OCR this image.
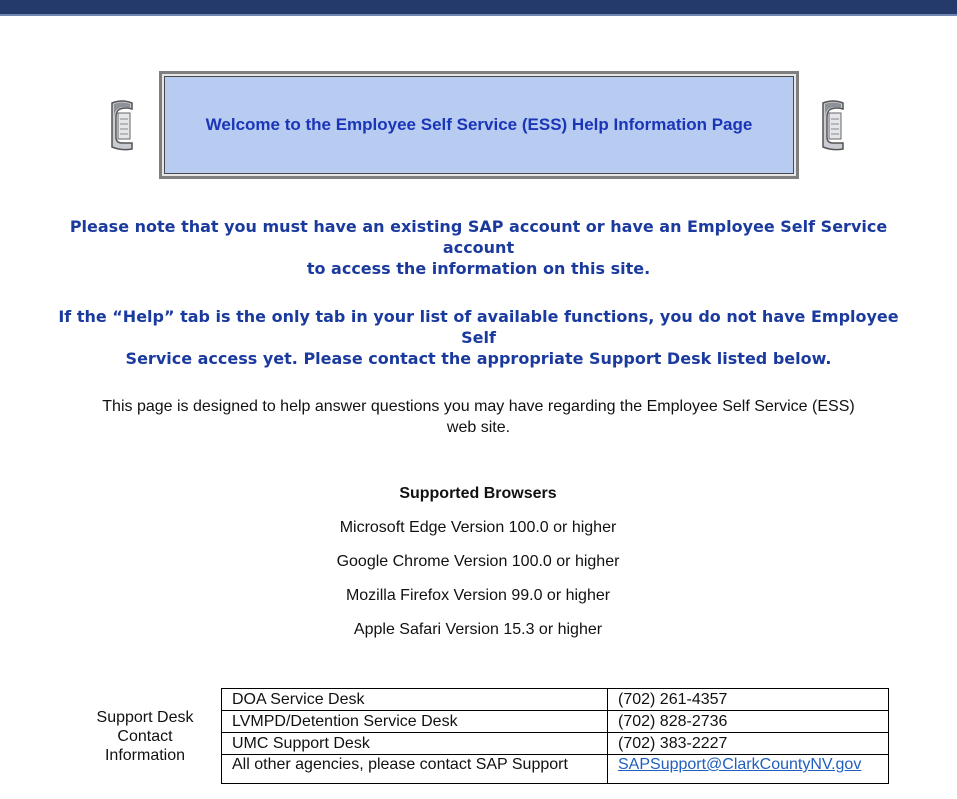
Welcome to the Employee Self Service (ESS) Help Information Page
Please note that you must have an existing SAP account or have an Employee Self Service account
to access the information on this site.
If the “Help” tab is the only tab in your list of available functions, you do not have Employee Self
Service access yet. Please contact the appropriate Support Desk listed below.
This page is designed to help answer questions you may have regarding the Employee Self Service (ESS)
web site.
Supported Browsers
Microsoft Edge Version 100.0 or higher
Google Chrome Version 100.0 or higher
Mozilla Firefox Version 99.0 or higher
Apple Safari Version 15.3 or higher
Support Desk
Contact
Information
DOA Service Desk	(702) 261-4357
LVMPD/Detention Service Desk	(702) 828-2736
UMC Support Desk	(702) 383-2227
All other agencies, please contact SAP Support	SAPSupport@ClarkCountyNV.gov
